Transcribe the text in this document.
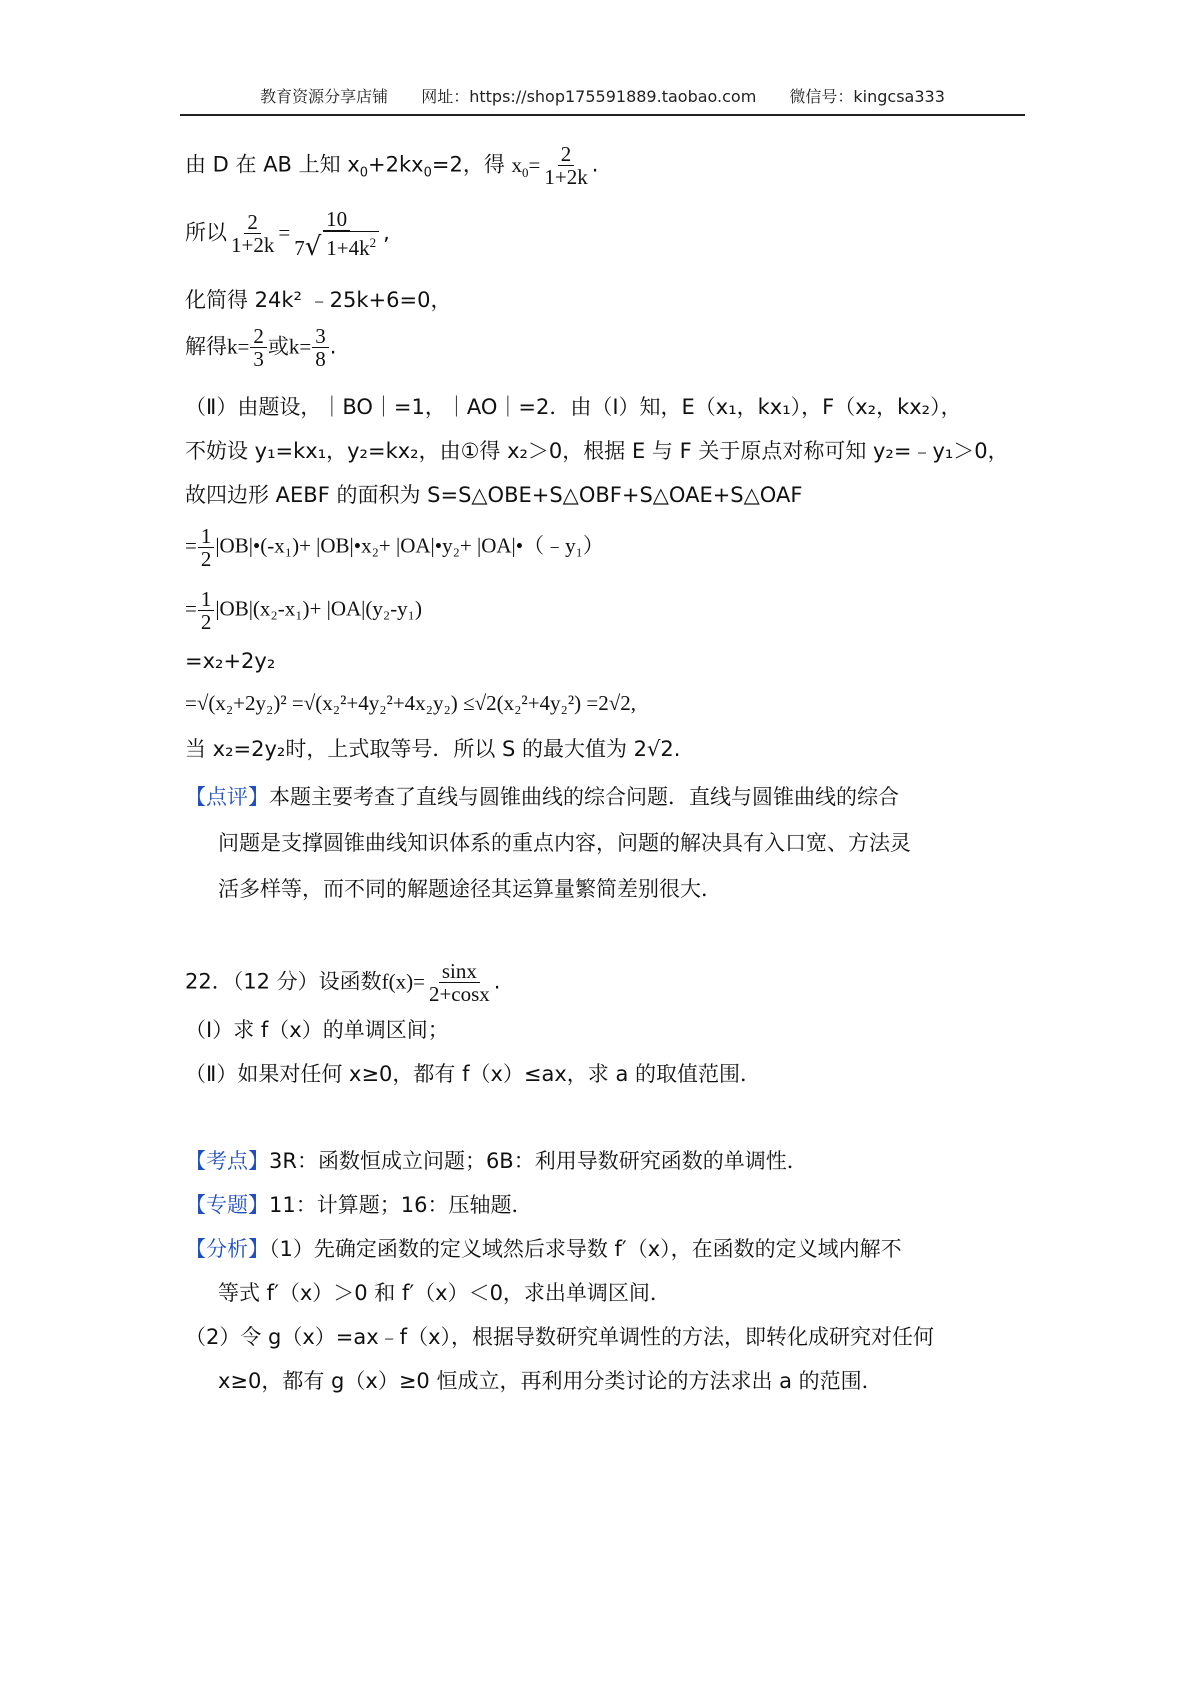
教育资源分享店铺 网址：https://shop175591889.taobao.com 微信号：kingcsa333
由 D 在 AB 上知 $x_0+2kx_0=2$，得 $x_0= \frac{2}{1+2k}$ .
所以 $\frac{2}{1+2k} = \frac{10}{7√ 1+4k^2}$ ,
化简得 24k² ﹣25k+6=0，
解得$k= \frac{2}{3}$ 或$k= \frac{3}{8}$ .
（Ⅱ）由题设，｜BO｜=1，｜AO｜=2．由（Ⅰ）知，E（x₁，kx₁），F（x₂，kx₂），
不妨设 y₁=kx₁，y₂=kx₂，由①得 x₂＞0，根据 E 与 F 关于原点对称可知 y₂=﹣y₁＞0，
故四边形 AEBF 的面积为 S=S△OBE+S△OBF+S△OAE+S△OAF
= $\frac{1}{2}$ |OB|•(-x₁)+ |OB|•x₂+ |OA|•y₂+ |OA|•（﹣y₁）
= $\frac{1}{2} |OB|(x_2-x_1)+ |OA|(y_2-y_1)$
=x₂+2y₂
=√(x₂+2y₂)² =√(x₂²+4y₂²+4x₂y₂) ≤√2(x₂²+4y₂²) =2√2,
当 x₂=2y₂时，上式取等号．所以 S 的最大值为 2√2.
【点评】本题主要考查了直线与圆锥曲线的综合问题．直线与圆锥曲线的综合
问题是支撑圆锥曲线知识体系的重点内容，问题的解决具有入口宽、方法灵
活多样等，而不同的解题途径其运算量繁简差别很大．
22．（12 分）设函数$f(x)= \frac{\sin x}{2+\cos x}$ .
（Ⅰ）求 f（x）的单调区间；
（Ⅱ）如果对任何 x≥0，都有 f（x）≤ax，求 a 的取值范围．
【考点】3R：函数恒成立问题；6B：利用导数研究函数的单调性．
【专题】11：计算题；16：压轴题．
【分析】（1）先确定函数的定义域然后求导数 f′（x），在函数的定义域内解不
等式 f′（x）＞0 和 f′（x）＜0，求出单调区间．
（2）令 g（x）=ax﹣f（x），根据导数研究单调性的方法，即转化成研究对任何
x≥0，都有 g（x）≥0 恒成立，再利用分类讨论的方法求出 a 的范围．
